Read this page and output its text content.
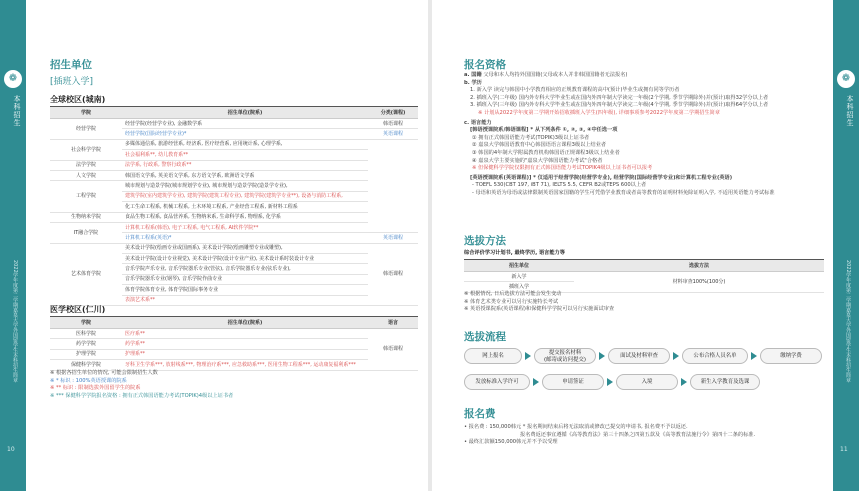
❁
本科招生
2022学年度第二学期嘉泉大学外国留学生本科招生简章
10
招生单位
[插班入学]
全球校区(城南)
学院	招生单位(院系)	分类(课程)
经营学院	经营学院(经营学专业), 金融数学系	韩语课程
	经营学院(国际经营学专业)*	英语课程
社会科学学院	多媒体通信系, 旅游经营系, 经济系, 医疗经营系, 应用统计系, 心理学系,	
	社会福利系**, 幼儿教育系**	
法学学院	法学系, 行政系, 警察行政系**	
人文学院	韩国语文学系, 英美语文学系, 东方语文学系, 欧洲语文学系	
工程学院	城市规划与造景学院(城市规划学专业), 城市规划与造景学院(造景学专业),	
	建筑学院(室内建筑学专业), 建筑学院(建筑工程专业), 建筑学院(建筑学专业**), 设备与消防工程系,	
	化工生命工程系, 机械工程系, 土木环境工程系, 产业经营工程系, 新材料工程系	
生物纳米学院	食品生物工程系, 食品营养系, 生物纳米系, 生命科学系, 物理系, 化学系	
IT融合学院	计算机工程系(韩语), 电子工程系, 电气工程系, AI软件学院**	
	计算机工程系(英语)*	英语课程
艺术体育学院	美术设计学院(绘画专业或国画系), 美术设计学院(绘画雕塑专业或雕塑),	韩语课程
	美术设计学院(设计专业视觉), 美术设计学院(设计专业产业), 美术设计系时装设计专业	
	音乐学院声乐专业, 音乐学院器乐专业(管弦), 音乐学院器乐专业(弦乐专业),	
	音乐学院器乐专业(钢琴), 音乐学院作曲专业	
	体育学院体育专业, 体育学院国际事务专业	
	表演艺术系**	
医学校区(仁川)
学院	招生单位(院系)	语言
医科学院	医疗系**	韩语课程
药学学院	药学系**	
护理学院	护理系**	
保健科学学院	牙科卫生学系***, 放射线系***, 物理治疗系***, 应急救助系***, 医用生物工程系***, 运动康复福利系***	
※ 根据各招生单位的情况, 可能会限制招生人数
※ * 标识 : 100%英语授课的院系
※ ** 标识 : 限制选拔外国留学生的院系
※ *** 保健科学学院报名资格 : 拥有正式韩国语能力考试(TOPIK)4级以上证书者
报名资格
a. 国籍 父母和本人均持外国国籍(父母或本人并非韩国国籍者无法报名)
b. 学历
1. 新入学 读完与韩国中小学教育相应的正规教育课程的高中(预计)毕业生或拥有同等学历者
2. 插班入学(二年级) 国内外专科大学毕业生或在国内外四年制大学读完一年级(2个学期, 季节学期除外)并(预计)取得32学分以上者
3. 插班入学(三年级) 国内外专科大学毕业生或在国内外四年制大学读完二年级(4个学期, 季节学期除外)并(预计)取得64学分以上者
※ 计划从2022学年度第二学期开始招收插班入学生(四年级), 详细事项参考2022学年度第二学期招生简章
c. 语言能力
[韩语授课院系/韩语课程] * 从下列条件 ①, ②, ③, ④中任选一项
① 拥有正式韩国语能力考试(TOPIK)3级以上证书者
② 嘉泉大学韩国语教育中心韩国语语言课程3级以上结业者
③ 韩国的4年制大学附属教育机构韩国语正规课程3级以上结业者
④ 嘉泉大学主要实施的"嘉泉大学韩国语能力考试"合格者
※ 但保健科学学院仅限拥有正式韩国语能力考试TOPIK4级以上证书者可以报考
[英语授课院系(英语课程)] * 仅适用于经营学院(经营学专业), 经营学院(国际经营学专业)和计算机工程专业(英语)
- TOEFL 530(CBT 197, iBT 71), IELTS 5.5, CEFR B2或TEPS 600以上者
- 母语和英语为母语或法律限制英语国家国籍的学生可凭借学业教育或者高等教育的证明材料免除证明入学, 不适用英语能力考试标准
选拔方法
综合评价学习计划书, 最终学历, 语言能力等
招生单位	选拔方法
新入学	材料审查100%(100分)
插班入学	
※ 根据情况, 日后选拔方法可能会发生变动
※ 体育艺术类专业可以另行实施特长考试
※ 英语授课院系(英语课程)和保健科学学院可以另行实施面试审查
选拔流程
网上报名	提交报名材料
(邮寄或访问提交)
面试及材料审查	公布合格人员名单	缴纳学费
发放标准入学许可	申请签证	入境	新生入学教育及选课
报名费
• 报名费 : 150,000韩元 * 报名期间结束后将无法取消或修改已提交的申请书, 报名费不予以返还.
报名费返还事宜遵循《高等教育法》第三十四条之四第五款及《高等教育法施行令》第四十二条的标准.
• 最终汇款额150,000韩元并不予以受理
❁
本科招生
2022学年度第二学期嘉泉大学外国留学生本科招生简章
11
